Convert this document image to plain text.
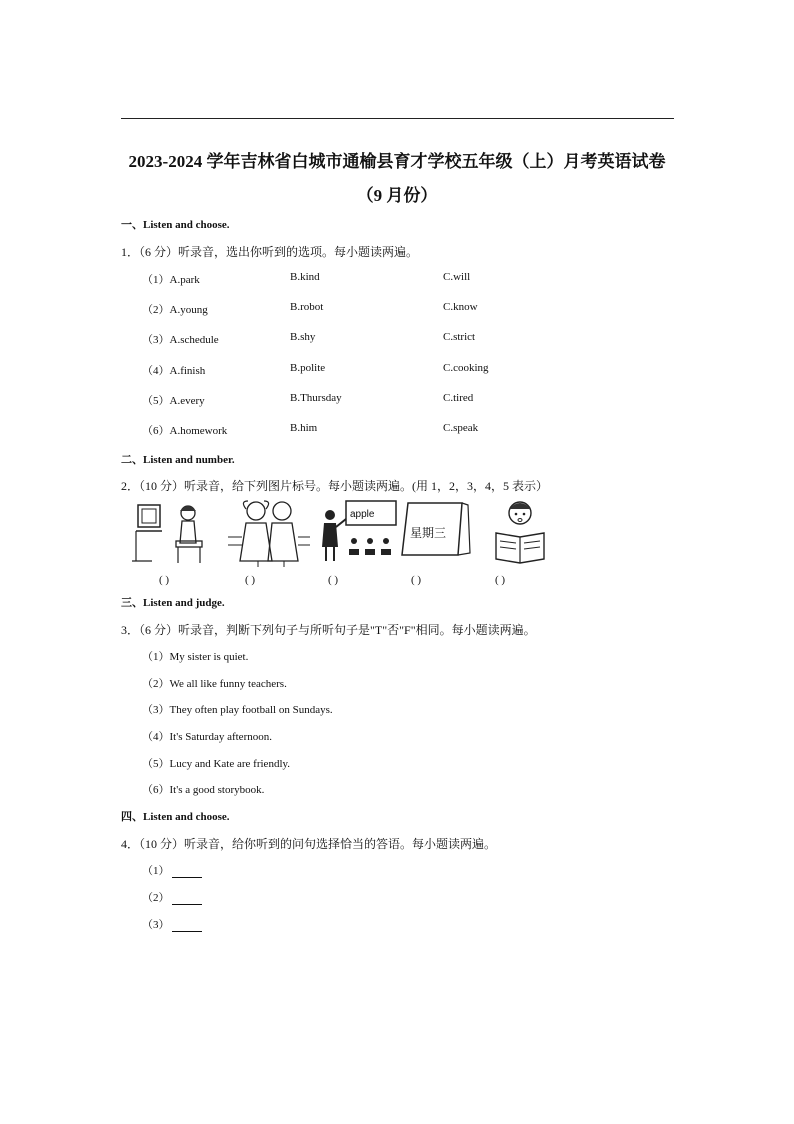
2023-2024 学年吉林省白城市通榆县育才学校五年级（上）月考英语试卷
（9 月份）
一、Listen and choose.
1．（6 分）听录音，选出你听到的选项。每小题读两遍。
（1）A.park	B.kind	C.will
（2）A.young	B.robot	C.know
（3）A.schedule	B.shy	C.strict
（4）A.finish	B.polite	C.cooking
（5）A.every	B.Thursday	C.tired
（6）A.homework	B.him	C.speak
二、Listen and number.
2．（10 分）听录音，给下列图片标号。每小题读两遍。(用 1，2，3，4，5 表示）
apple
星期三
( )	( )	( )	( )	( )
三、Listen and judge.
3．（6 分）听录音，判断下列句子与所听句子是"T"否"F"相同。每小题读两遍。
（1）My sister is quiet.
（2）We all like funny teachers.
（3）They often play football on Sundays.
（4）It's Saturday afternoon.
（5）Lucy and Kate are friendly.
（6）It's a good storybook.
四、Listen and choose.
4．（10 分）听录音，给你听到的问句选择恰当的答语。每小题读两遍。
（1）
（2）
（3）
